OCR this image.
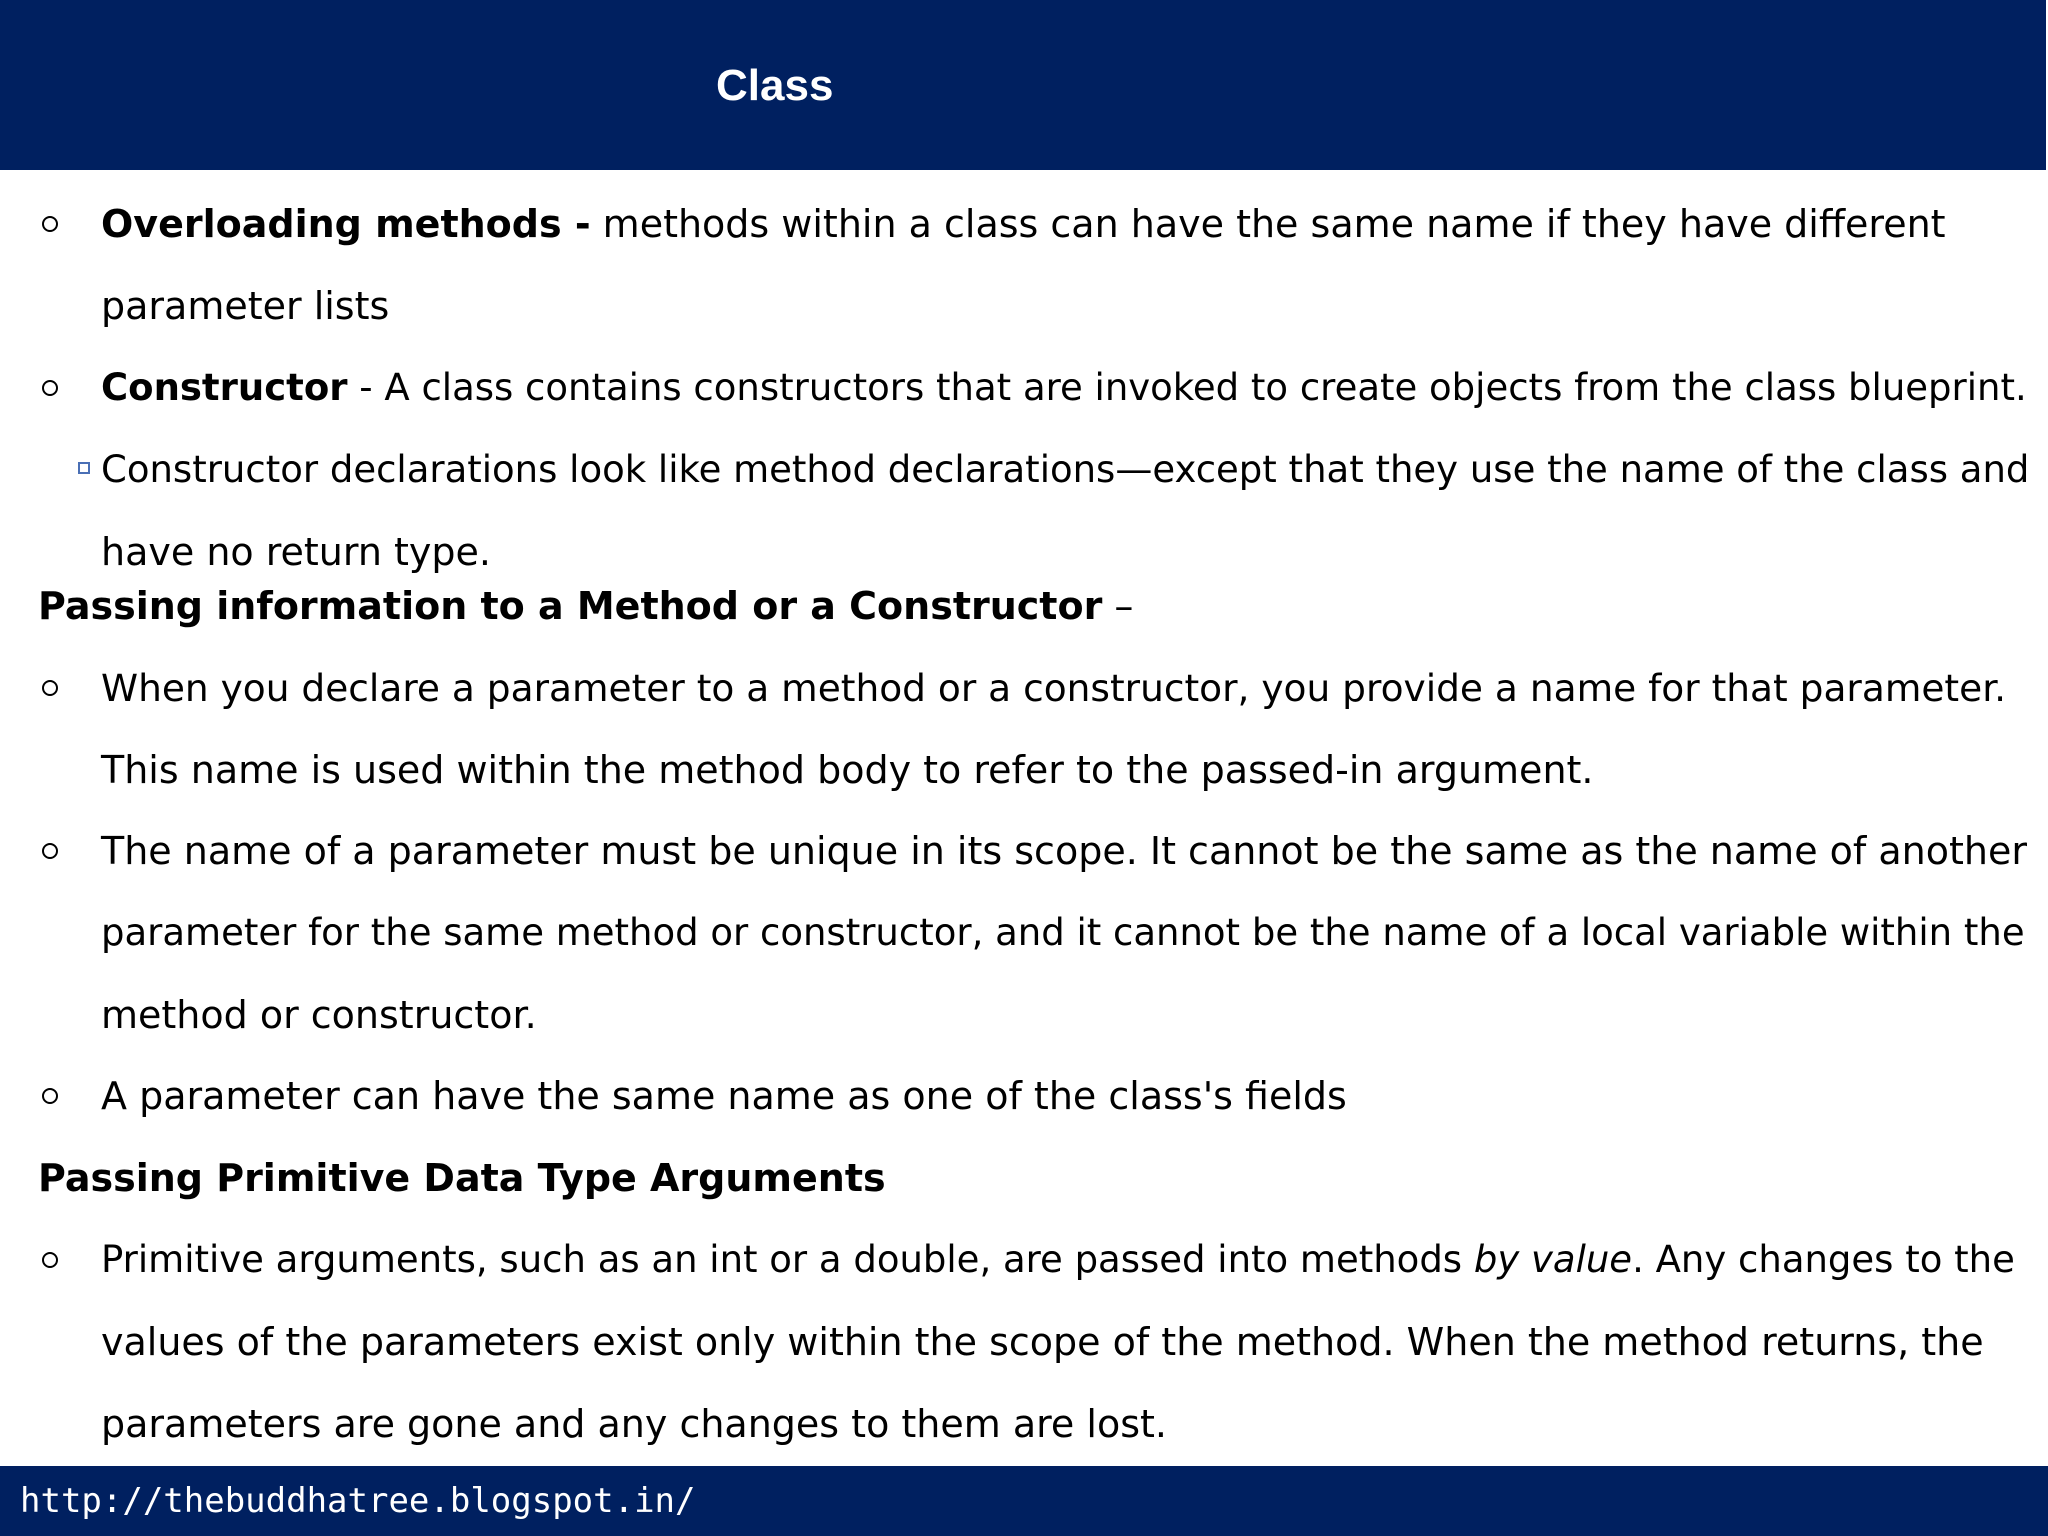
Class
Overloading methods - methods within a class can have the same name if they have different
parameter lists
Constructor - A class contains constructors that are invoked to create objects from the class blueprint.
Constructor declarations look like method declarations—except that they use the name of the class and
have no return type.
Passing information to a Method or a Constructor –
When you declare a parameter to a method or a constructor, you provide a name for that parameter.
This name is used within the method body to refer to the passed-in argument.
The name of a parameter must be unique in its scope. It cannot be the same as the name of another
parameter for the same method or constructor, and it cannot be the name of a local variable within the
method or constructor.
A parameter can have the same name as one of the class's fields
Passing Primitive Data Type Arguments
Primitive arguments, such as an int or a double, are passed into methods by value. Any changes to the
values of the parameters exist only within the scope of the method. When the method returns, the
parameters are gone and any changes to them are lost.
http://thebuddhatree.blogspot.in/
